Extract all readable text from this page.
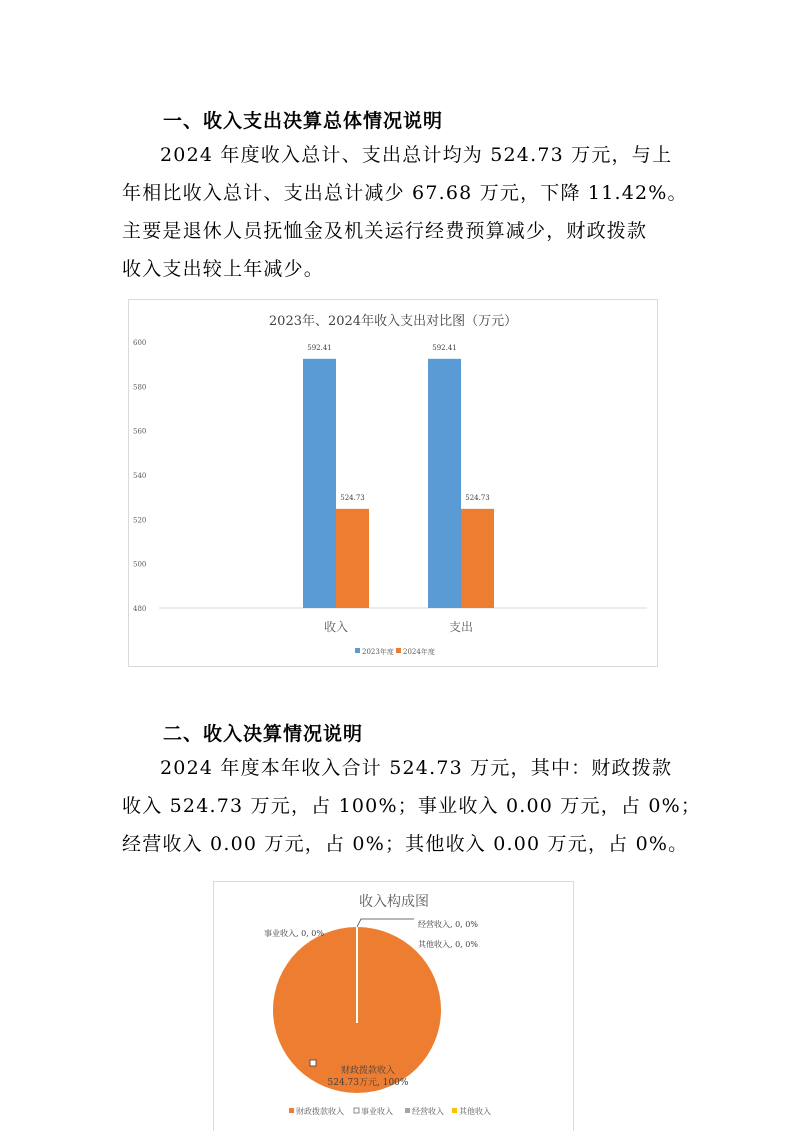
一、收入支出决算总体情况说明

2024 年度收入总计、支出总计均为 524.73 万元，与上
年相比收入总计、支出总计减少 67.68 万元，下降 11.42%。
主要是退休人员抚恤金及机关运行经费预算减少，财政拨款
收入支出较上年减少。

2023年、2024年收入支出对比图（万元）
600
580
560
540
520
500
480
592.41
524.73
592.41
524.73
收入	支出
2023年度 2024年度
二、收入决算情况说明

2024 年度本年收入合计 524.73 万元，其中：财政拨款
收入 524.73 万元，占 100%；事业收入 0.00 万元，占 0%；
经营收入 0.00 万元，占 0%；其他收入 0.00 万元，占 0%。

收入构成图
财政拨款收入
524.73万元, 100%
事业收入, 0, 0%
经营收入, 0, 0%
其他收入, 0, 0%
财政拨款收入 事业收入 经营收入 其他收入
